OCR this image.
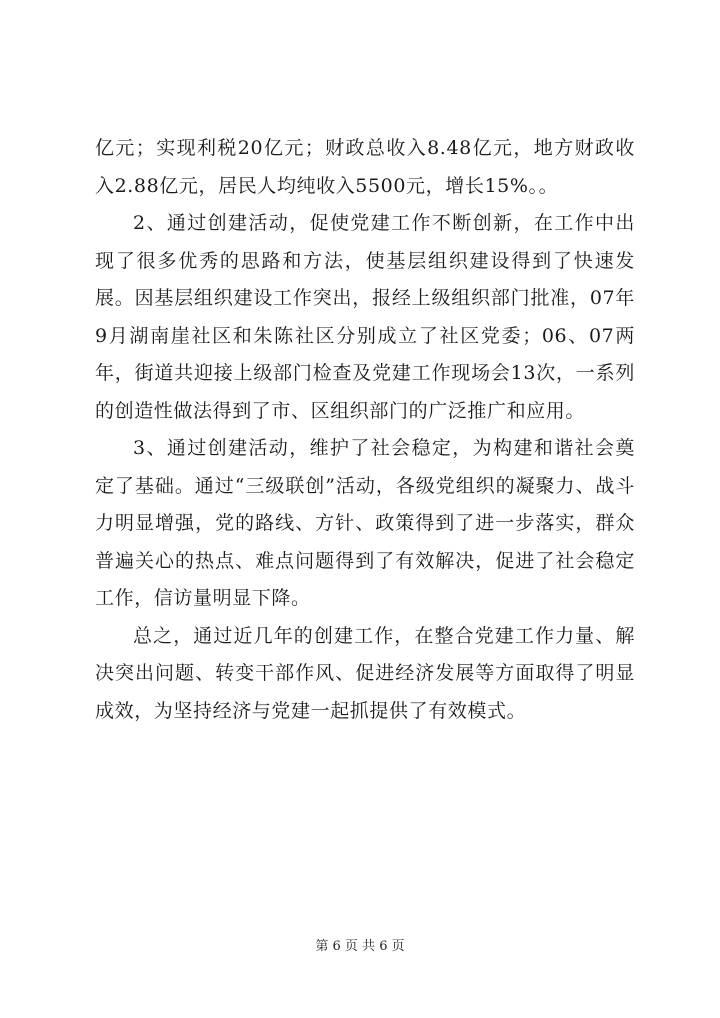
亿元；实现利税20亿元；财政总收入8.48亿元，地方财政收入2.88亿元，居民人均纯收入5500元，增长15%。。

2、通过创建活动，促使党建工作不断创新，在工作中出现了很多优秀的思路和方法，使基层组织建设得到了快速发展。因基层组织建设工作突出，报经上级组织部门批准，07年9月湖南崖社区和朱陈社区分别成立了社区党委；06、07两年，街道共迎接上级部门检查及党建工作现场会13次，一系列的创造性做法得到了市、区组织部门的广泛推广和应用。

3、通过创建活动，维护了社会稳定，为构建和谐社会奠定了基础。通过“三级联创”活动，各级党组织的凝聚力、战斗力明显增强，党的路线、方针、政策得到了进一步落实，群众普遍关心的热点、难点问题得到了有效解决，促进了社会稳定工作，信访量明显下降。

总之，通过近几年的创建工作，在整合党建工作力量、解决突出问题、转变干部作风、促进经济发展等方面取得了明显成效，为坚持经济与党建一起抓提供了有效模式。

第 6 页 共 6 页
